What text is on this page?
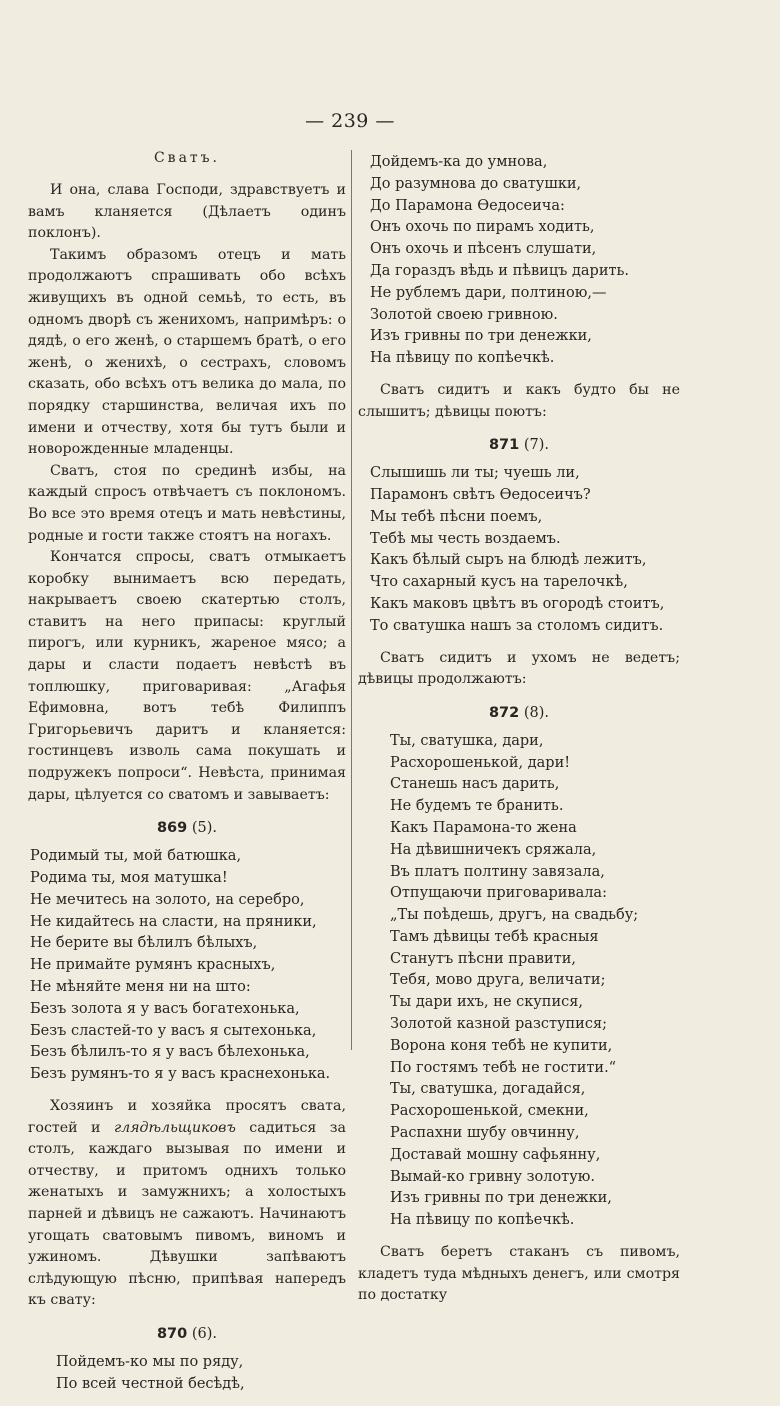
— 239 —
Сватъ.

И она, слава Господи, здравствуетъ и вамъ кланяется (Дѣлаетъ одинъ поклонъ).

Такимъ образомъ отецъ и мать продолжаютъ спрашивать обо всѣхъ живущихъ въ одной семьѣ, то есть, въ одномъ дворѣ съ женихомъ, напримѣръ: о дядѣ, о его женѣ, о старшемъ братѣ, о его женѣ, о женихѣ, о сестрахъ, словомъ сказать, обо всѣхъ отъ велика до мала, по порядку старшинства, величая ихъ по имени и отчеству, хотя бы тутъ были и новорожденные младенцы.

Сватъ, стоя по срединѣ избы, на каждый спросъ отвѣчаетъ съ поклономъ. Во все это время отецъ и мать невѣстины, родные и гости также стоятъ на ногахъ.

Кончатся спросы, сватъ отмыкаетъ коробку вынимаетъ всю передать, накрываетъ своею скатертью столъ, ставитъ на него припасы: круглый пирогъ, или курникъ, жареное мясо; а дары и сласти подаетъ невѣстѣ въ топлюшку, приговаривая: „Агафья Ефимовна, вотъ тебѣ Филиппъ Григорьевичъ даритъ и кланяется: гостинцевъ изволь сама покушать и подружекъ попроси“. Невѣста, принимая дары, цѣлуется со сватомъ и завываетъ:

869 (5).
Родимый ты, мой батюшка,
Родима ты, моя матушка!
Не мечитесь на золото, на серебро,
Не кидайтесь на сласти, на пряники,
Не берите вы бѣлилъ бѣлыхъ,
Не примайте румянъ красныхъ,
Не мѣняйте меня ни на што:
Безъ золота я у васъ богатехонька,
Безъ сластей-то у васъ я сытехонька,
Безъ бѣлилъ-то я у васъ бѣлехонька,
Безъ румянъ-то я у васъ краснехонька.

Хозяинъ и хозяйка просятъ свата, гостей и глядѣльщиковъ садиться за столъ, каждаго вызывая по имени и отчеству, и притомъ однихъ только женатыхъ и замужнихъ; а холостыхъ парней и дѣвицъ не сажаютъ. Начинаютъ угощать сватовымъ пивомъ, виномъ и ужиномъ. Дѣвушки запѣваютъ слѣдующую пѣсню, припѣвая напередъ къ свату:

870 (6).
Пойдемъ-ко мы по ряду,
По всей честной бесѣдѣ,
Дойдемъ-ка до умнова,
До разумнова до сватушки,
До Парамона Ѳедосеича:
Онъ охочь по пирамъ ходить,
Онъ охочь и пѣсенъ слушати,
Да гораздъ вѣдь и пѣвицъ дарить.
Не рублемъ дари, полтиною,—
Золотой своею гривною.
Изъ гривны по три денежки,
На пѣвицу по копѣечкѣ.

Сватъ сидитъ и какъ будто бы не слышитъ; дѣвицы поютъ:

871 (7).
Слышишь ли ты; чуешь ли,
Парамонъ свѣтъ Ѳедосеичъ?
Мы тебѣ пѣсни поемъ,
Тебѣ мы честь воздаемъ.
Какъ бѣлый сыръ на блюдѣ лежитъ,
Что сахарный кусъ на тарелочкѣ,
Какъ маковъ цвѣтъ въ огородѣ стоитъ,
То сватушка нашъ за столомъ сидитъ.

Сватъ сидитъ и ухомъ не ведетъ; дѣвицы продолжаютъ:

872 (8).
Ты, сватушка, дари,
Расхорошенькой, дари!
Станешь насъ дарить,
Не будемъ те бранить.
Какъ Парамона-то жена
На дѣвишничекъ сряжала,
Въ платъ полтину завязала,
Отпущаючи приговаривала:
„Ты поѣдешь, другъ, на свадьбу;
Тамъ дѣвицы тебѣ красныя
Станутъ пѣсни правити,
Тебя, мово друга, величати;
Ты дари ихъ, не скупися,
Золотой казной разступися;
Ворона коня тебѣ не купити,
По гостямъ тебѣ не гостити.“
Ты, сватушка, догадайся,
Расхорошенькой, смекни,
Распахни шубу овчинну,
Доставай мошну сафьянну,
Вымай-ко гривну золотую.
Изъ гривны по три денежки,
На пѣвицу по копѣечкѣ.

Сватъ беретъ стаканъ съ пивомъ, кладетъ туда мѣдныхъ денегъ, или смотря по достатку
